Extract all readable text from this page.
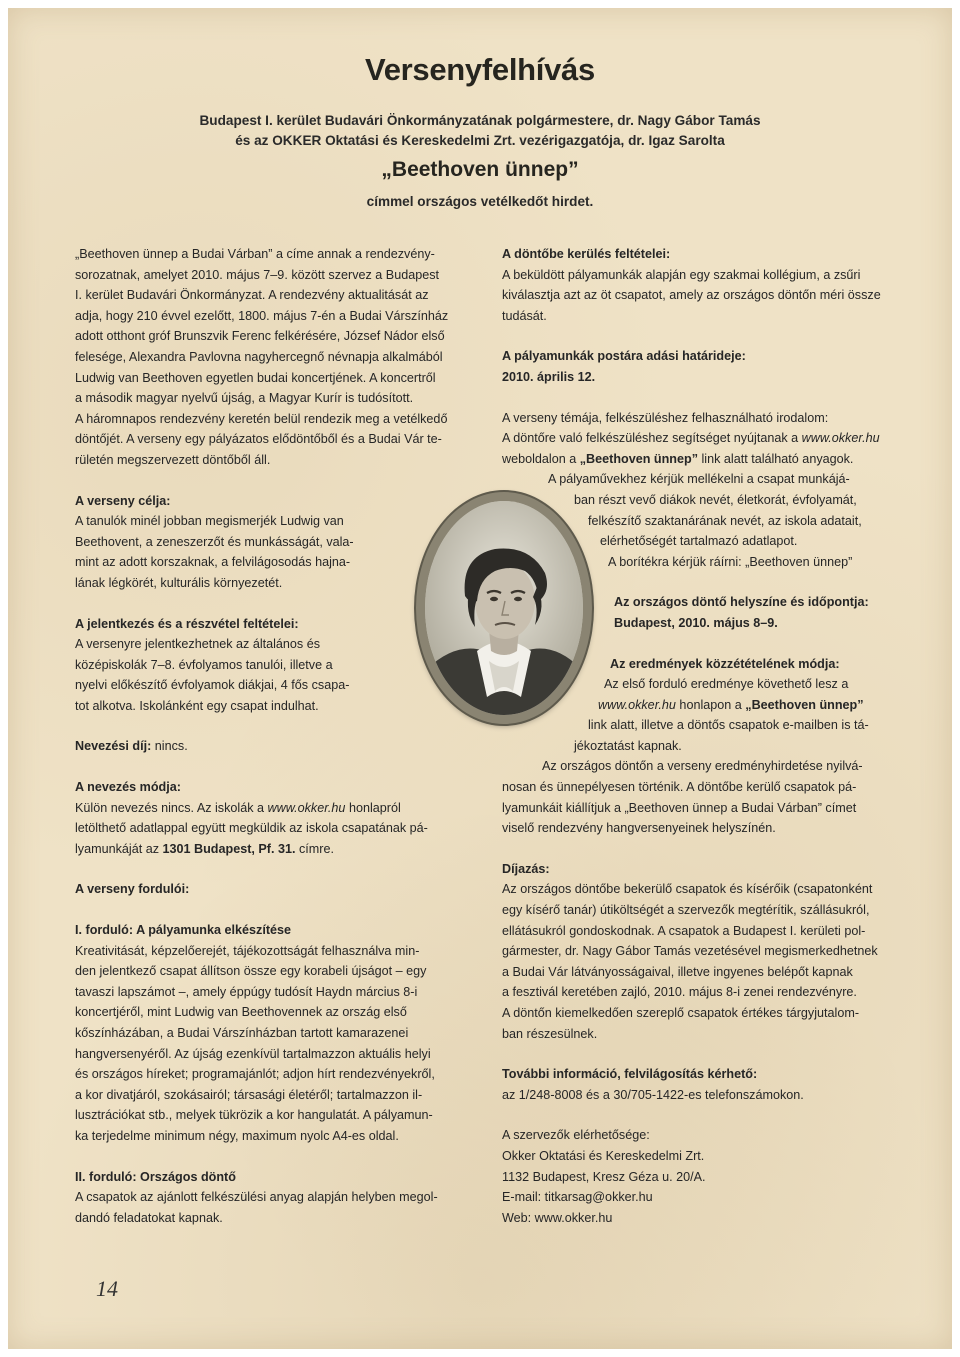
Versenyfelhívás
Budapest I. kerület Budavári Önkormányzatának polgármestere, dr. Nagy Gábor Tamás
és az OKKER Oktatási és Kereskedelmi Zrt. vezérigazgatója, dr. Igaz Sarolta
„Beethoven ünnep”
címmel országos vetélkedőt hirdet.

„Beethoven ünnep a Budai Várban” a címe annak a rendezvény-

sorozatnak, amelyet 2010. május 7–9. között szervez a Budapest

I. kerület Budavári Önkormányzat. A rendezvény aktualitását az

adja, hogy 210 évvel ezelőtt, 1800. május 7-én a Budai Várszínház

adott otthont gróf Brunszvik Ferenc felkérésére, József Nádor első

felesége, Alexandra Pavlovna nagyhercegnő névnapja alkalmából

Ludwig van Beethoven egyetlen budai koncertjének. A koncertről

a második magyar nyelvű újság, a Magyar Kurír is tudósított.

A háromnapos rendezvény keretén belül rendezik meg a vetélkedő

döntőjét. A verseny egy pályázatos elődöntőből és a Budai Vár te-

rületén megszervezett döntőből áll.

A verseny célja:

A tanulók minél jobban megismerjék Ludwig van

Beethovent, a zeneszerzőt és munkásságát, vala-

mint az adott korszaknak, a felvilágosodás hajna-

lának légkörét, kulturális környezetét.

A jelentkezés és a részvétel feltételei:

A versenyre jelentkezhetnek az általános és

középiskolák 7–8. évfolyamos tanulói, illetve a

nyelvi előkészítő évfolyamok diákjai, 4 fős csapa-

tot alkotva. Iskolánként egy csapat indulhat.

Nevezési díj: nincs.

A nevezés módja:

Külön nevezés nincs. Az iskolák a www.okker.hu honlapról

letölthető adatlappal együtt megküldik az iskola csapatának pá-

lyamunkáját az 1301 Budapest, Pf. 31. címre.

A verseny fordulói:

I. forduló: A pályamunka elkészítése

Kreativitását, képzelőerejét, tájékozottságát felhasználva min-

den jelentkező csapat állítson össze egy korabeli újságot – egy

tavaszi lapszámot –, amely éppúgy tudósít Haydn március 8-i

koncertjéről, mint Ludwig van Beethovennek az ország első

kőszínházában, a Budai Várszínházban tartott kamarazenei

hangversenyéről. Az újság ezenkívül tartalmazzon aktuális helyi

és országos híreket; programajánlót; adjon hírt rendezvényekről,

a kor divatjáról, szokásairól; társasági életéről; tartalmazzon il-

lusztrációkat stb., melyek tükrözik a kor hangulatát. A pályamun-

ka terjedelme minimum négy, maximum nyolc A4-es oldal.

II. forduló: Országos döntő

A csapatok az ajánlott felkészülési anyag alapján helyben megol-

dandó feladatokat kapnak.

A döntőbe kerülés feltételei:

A beküldött pályamunkák alapján egy szakmai kollégium, a zsűri

kiválasztja azt az öt csapatot, amely az országos döntőn méri össze

tudását.

A pályamunkák postára adási határideje:

2010. április 12.

A verseny témája, felkészüléshez felhasználható irodalom:

A döntőre való felkészüléshez segítséget nyújtanak a www.okker.hu

weboldalon a „Beethoven ünnep” link alatt található anyagok.

A pályaművekhez kérjük mellékelni a csapat munkájá-

ban részt vevő diákok nevét, életkorát, évfolyamát,

felkészítő szaktanárának nevét, az iskola adatait,

elérhetőségét tartalmazó adatlapot.

A borítékra kérjük ráírni: „Beethoven ünnep”

Az országos döntő helyszíne és időpontja:

Budapest, 2010. május 8–9.

Az eredmények közzétételének módja:

Az első forduló eredménye követhető lesz a

www.okker.hu honlapon a „Beethoven ünnep”

link alatt, illetve a döntős csapatok e-mailben is tá-

jékoztatást kapnak.

Az országos döntőn a verseny eredményhirdetése nyilvá-

nosan és ünnepélyesen történik. A döntőbe kerülő csapatok pá-

lyamunkáit kiállítjuk a „Beethoven ünnep a Budai Várban” címet

viselő rendezvény hangversenyeinek helyszínén.

Díjazás:

Az országos döntőbe bekerülő csapatok és kísérőik (csapatonként

egy kísérő tanár) útiköltségét a szervezők megtérítik, szállásukról,

ellátásukról gondoskodnak. A csapatok a Budapest I. kerületi pol-

gármester, dr. Nagy Gábor Tamás vezetésével megismerkedhetnek

a Budai Vár látványosságaival, illetve ingyenes belépőt kapnak

a fesztivál keretében zajló, 2010. május 8-i zenei rendezvényre.

A döntőn kiemelkedően szereplő csapatok értékes tárgyjutalom-

ban részesülnek.

További információ, felvilágosítás kérhető:

az 1/248-8008 és a 30/705-1422-es telefonszámokon.

A szervezők elérhetősége:

Okker Oktatási és Kereskedelmi Zrt.

1132 Budapest, Kresz Géza u. 20/A.

E-mail: titkarsag@okker.hu

Web: www.okker.hu

14
